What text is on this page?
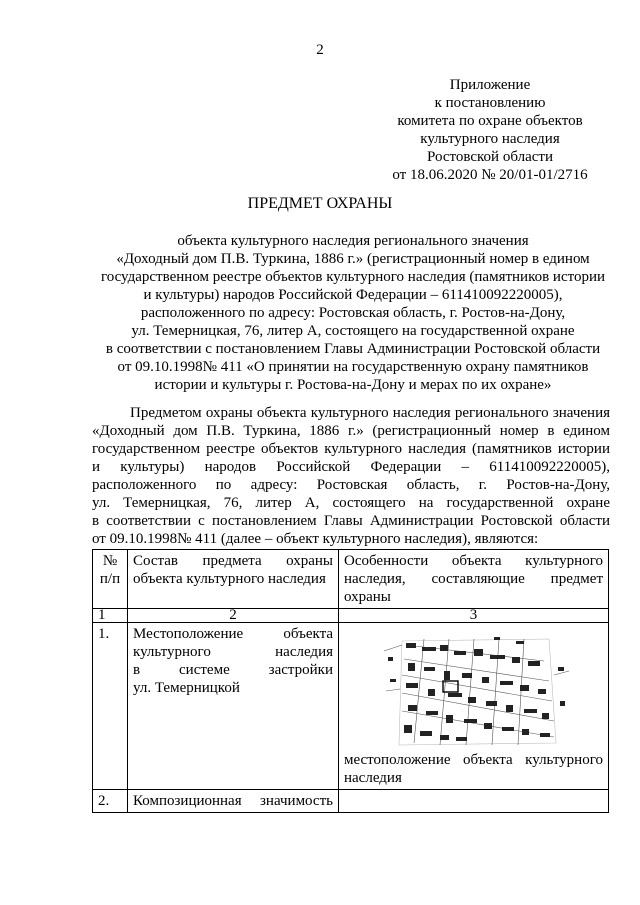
2
Приложение
к постановлению
комитета по охране объектов
культурного наследия
Ростовской области
от 18.06.2020 № 20/01-01/2716
ПРЕДМЕТ ОХРАНЫ
объекта культурного наследия регионального значения
«Доходный дом П.В. Туркина, 1886 г.» (регистрационный номер в едином
государственном реестре объектов культурного наследия (памятников истории
и культуры) народов Российской Федерации – 611410092220005),
расположенного по адресу: Ростовская область, г. Ростов-на-Дону,
ул. Темерницкая, 76, литер А, состоящего на государственной охране
в соответствии с постановлением Главы Администрации Ростовской области
от 09.10.1998№ 411 «О принятии на государственную охрану памятников
истории и культуры г. Ростова-на-Дону и мерах по их охране»
Предметом охраны объекта культурного наследия регионального значения
«Доходный дом П.В. Туркина, 1886 г.» (регистрационный номер в едином
государственном реестре объектов культурного наследия (памятников истории
и культуры) народов Российской Федерации – 611410092220005),
расположенного по адресу: Ростовская область, г. Ростов-на-Дону,
ул. Темерницкая, 76, литер А, состоящего на государственной охране
в соответствии с постановлением Главы Администрации Ростовской области
от 09.10.1998№ 411 (далее – объект культурного наследия), являются:
№
п/п	Состав предмета охраны
объекта культурного наследия	Особенности объекта культурного
наследия, составляющие предмет
охраны

1	2	3
1.	Местоположение объекта
культурного наследия
в системе застройки
ул. Темерницкой	местоположение объекта культурного
наследия

2.	Композиционная значимость	
